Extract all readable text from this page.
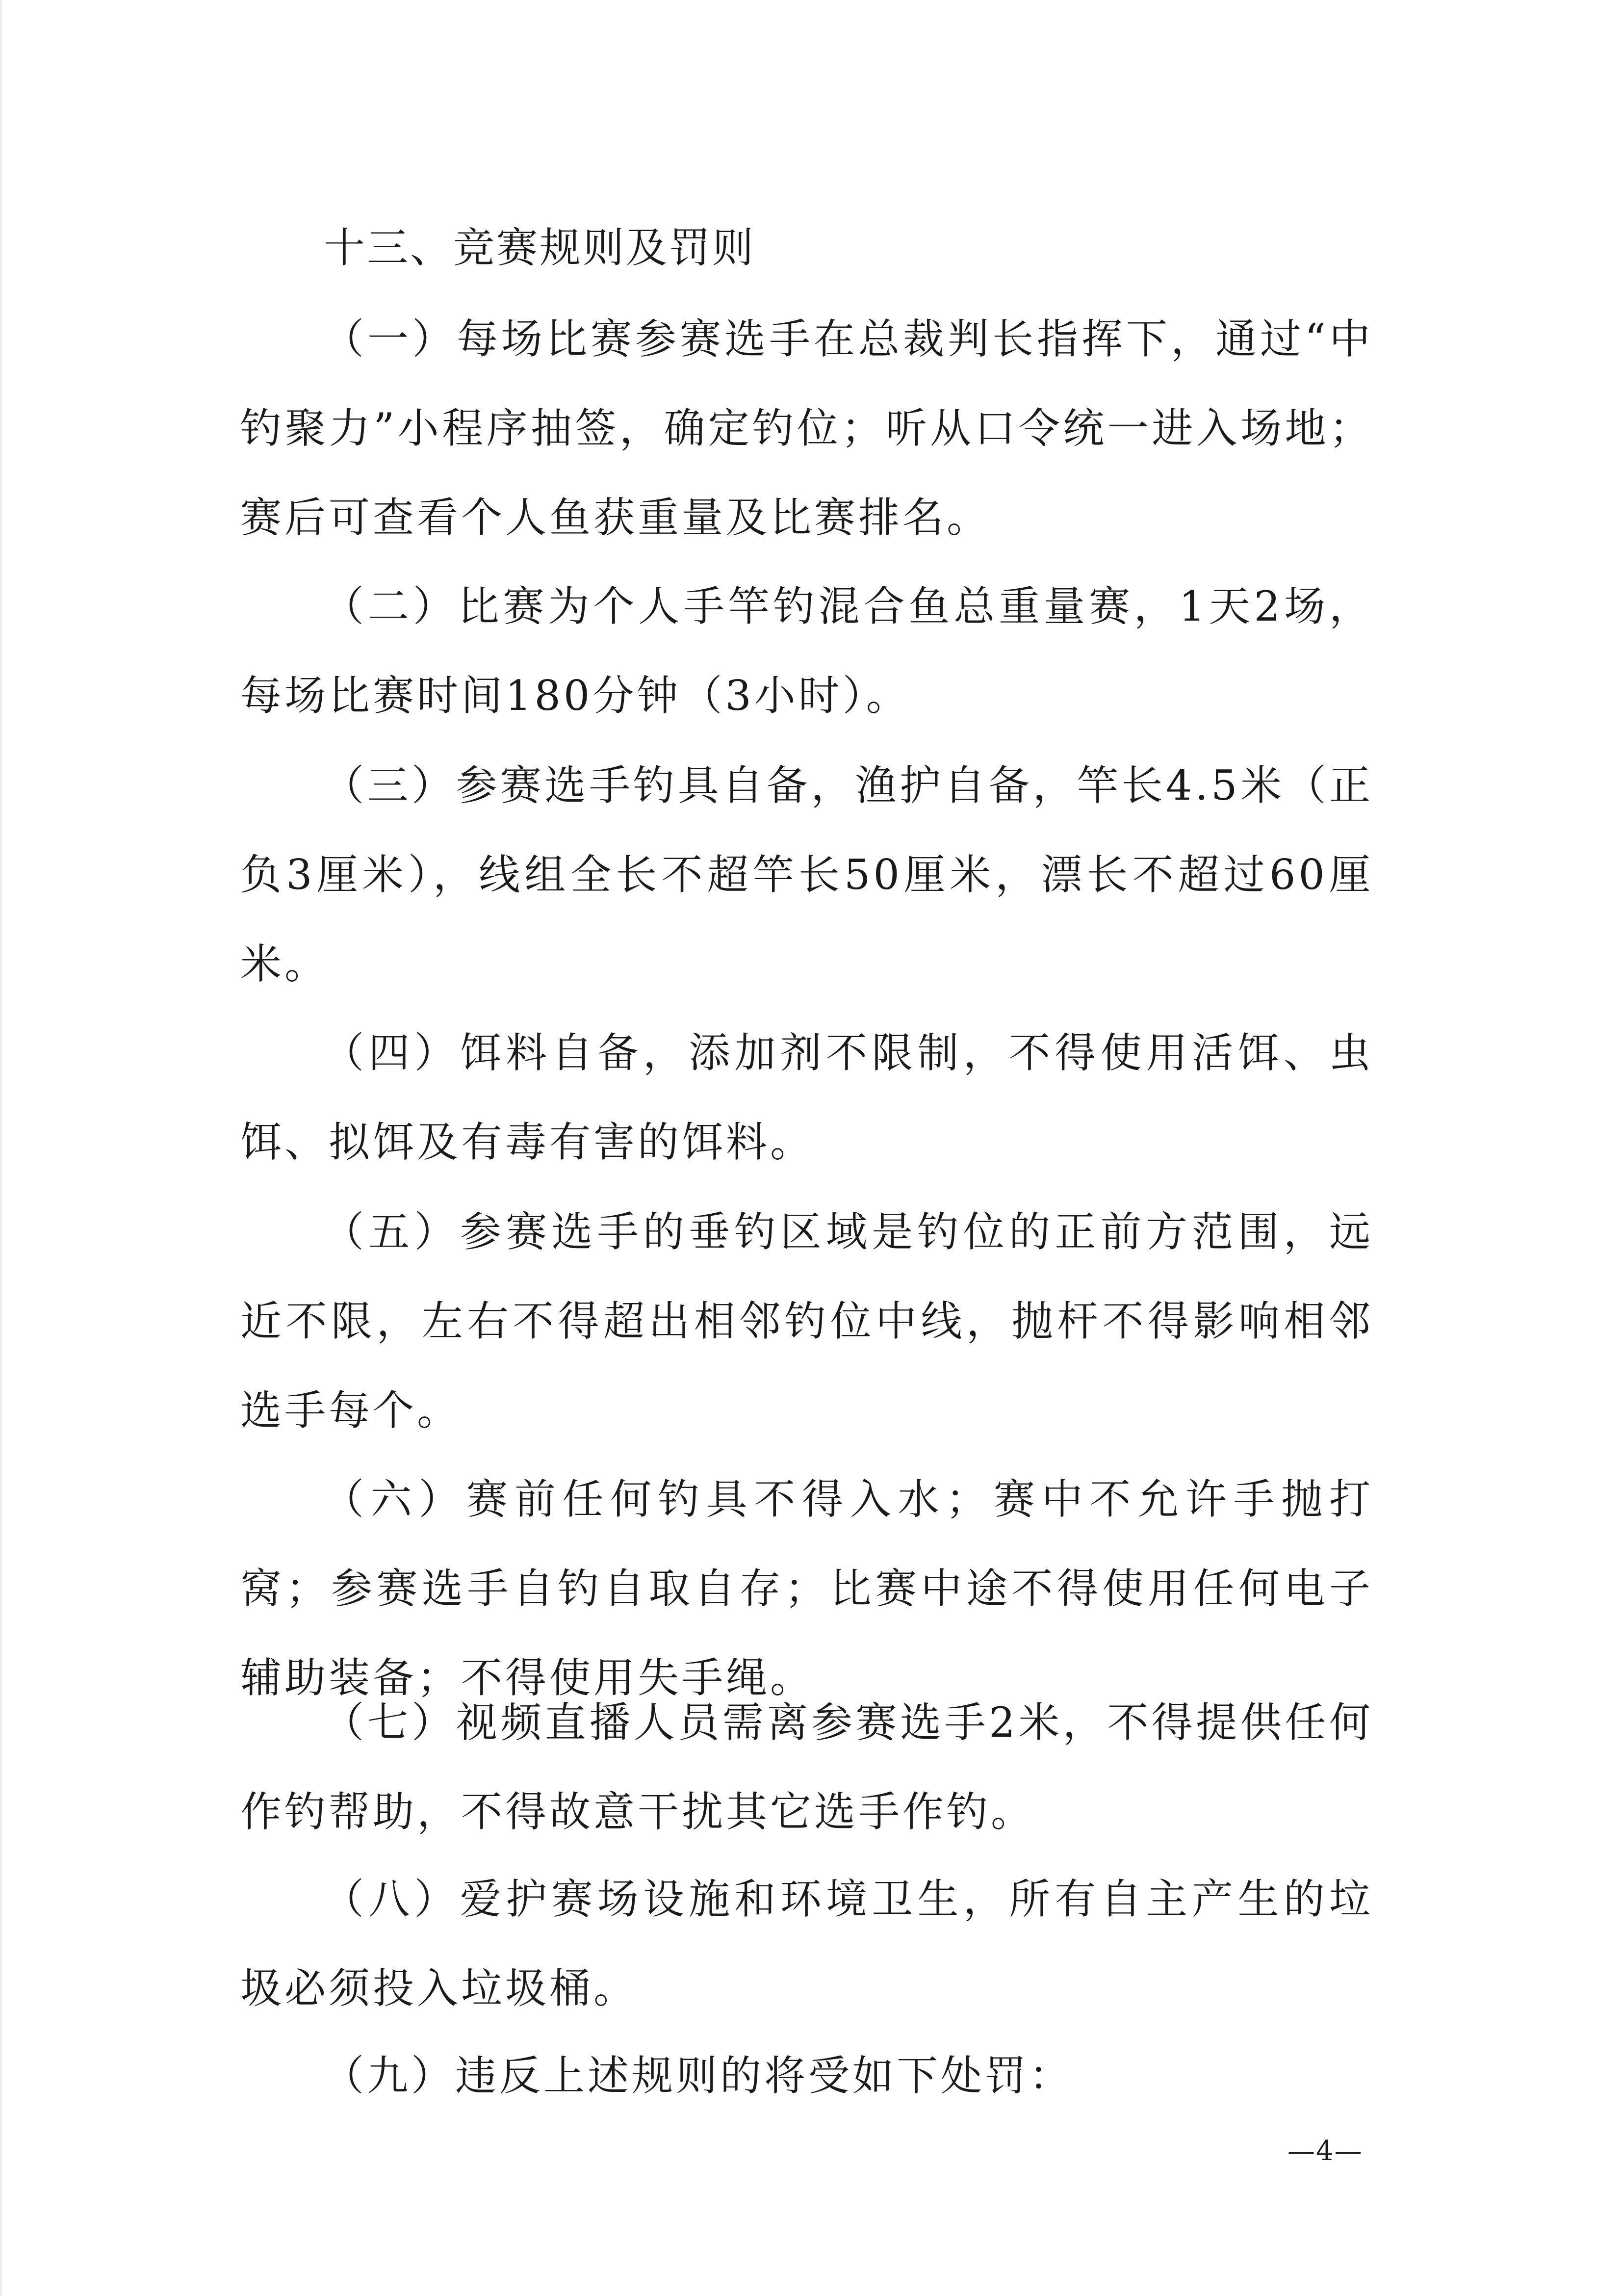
十三、竞赛规则及罚则

（一）每场比赛参赛选手在总裁判长指挥下，通过“中钓聚力”小程序抽签，确定钓位；听从口令统一进入场地；赛后可查看个人鱼获重量及比赛排名。

（二）比赛为个人手竿钓混合鱼总重量赛，1天2场，每场比赛时间180分钟（3小时）。

（三）参赛选手钓具自备，渔护自备，竿长4.5米（正负3厘米），线组全长不超竿长50厘米，漂长不超过60厘米。

（四）饵料自备，添加剂不限制，不得使用活饵、虫饵、拟饵及有毒有害的饵料。

（五）参赛选手的垂钓区域是钓位的正前方范围，远近不限，左右不得超出相邻钓位中线，抛杆不得影响相邻选手每个。

（六）赛前任何钓具不得入水；赛中不允许手抛打窝；参赛选手自钓自取自存；比赛中途不得使用任何电子辅助装备；不得使用失手绳。

（七）视频直播人员需离参赛选手2米，不得提供任何作钓帮助，不得故意干扰其它选手作钓。

（八）爱护赛场设施和环境卫生，所有自主产生的垃圾必须投入垃圾桶。

（九）违反上述规则的将受如下处罚：

—4—
